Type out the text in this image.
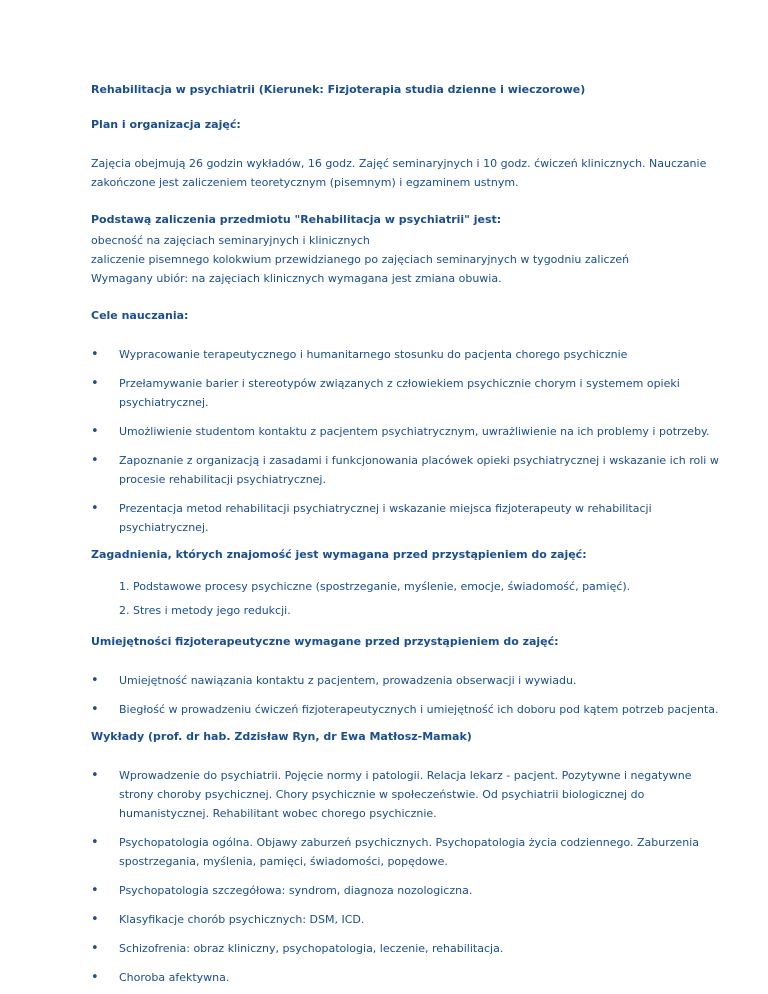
Rehabilitacja w psychiatrii (Kierunek: Fizjoterapia studia dzienne i wieczorowe)

Plan i organizacja zajęć:

Zajęcia obejmują 26 godzin wykładów, 16 godz. Zajęć seminaryjnych i 10 godz. ćwiczeń klinicznych. Nauczanie zakończone jest zaliczeniem teoretycznym (pisemnym) i egzaminem ustnym.

Podstawą zaliczenia przedmiotu "Rehabilitacja w psychiatrii" jest:

obecność na zajęciach seminaryjnych i klinicznych

zaliczenie pisemnego kolokwium przewidzianego po zajęciach seminaryjnych w tygodniu zaliczeń

Wymagany ubiór: na zajęciach klinicznych wymagana jest zmiana obuwia.

Cele nauczania:

• Wypracowanie terapeutycznego i humanitarnego stosunku do pacjenta chorego psychicznie
• Przełamywanie barier i stereotypów związanych z człowiekiem psychicznie chorym i systemem opieki psychiatrycznej.
• Umożliwienie studentom kontaktu z pacjentem psychiatrycznym, uwrażliwienie na ich problemy i potrzeby.
• Zapoznanie z organizacją i zasadami i funkcjonowania placówek opieki psychiatrycznej i wskazanie ich roli w procesie rehabilitacji psychiatrycznej.
• Prezentacja metod rehabilitacji psychiatrycznej i wskazanie miejsca fizjoterapeuty w rehabilitacji psychiatrycznej.

Zagadnienia, których znajomość jest wymagana przed przystąpieniem do zajęć:

1. Podstawowe procesy psychiczne (spostrzeganie, myślenie, emocje, świadomość, pamięć).
2. Stres i metody jego redukcji.

Umiejętności fizjoterapeutyczne wymagane przed przystąpieniem do zajęć:

• Umiejętność nawiązania kontaktu z pacjentem, prowadzenia obserwacji i wywiadu.
• Biegłość w prowadzeniu ćwiczeń fizjoterapeutycznych i umiejętność ich doboru pod kątem potrzeb pacjenta.

Wykłady (prof. dr hab. Zdzisław Ryn, dr Ewa Matłosz-Mamak)

• Wprowadzenie do psychiatrii. Pojęcie normy i patologii. Relacja lekarz - pacjent. Pozytywne i negatywne strony choroby psychicznej. Chory psychicznie w społeczeństwie. Od psychiatrii biologicznej do humanistycznej. Rehabilitant wobec chorego psychicznie.
• Psychopatologia ogólna. Objawy zaburzeń psychicznych. Psychopatologia życia codziennego. Zaburzenia spostrzegania, myślenia, pamięci, świadomości, popędowe.
• Psychopatologia szczegółowa: syndrom, diagnoza nozologiczna.
• Klasyfikacje chorób psychicznych: DSM, ICD.
• Schizofrenia: obraz kliniczny, psychopatologia, leczenie, rehabilitacja.
• Choroba afektywna.
